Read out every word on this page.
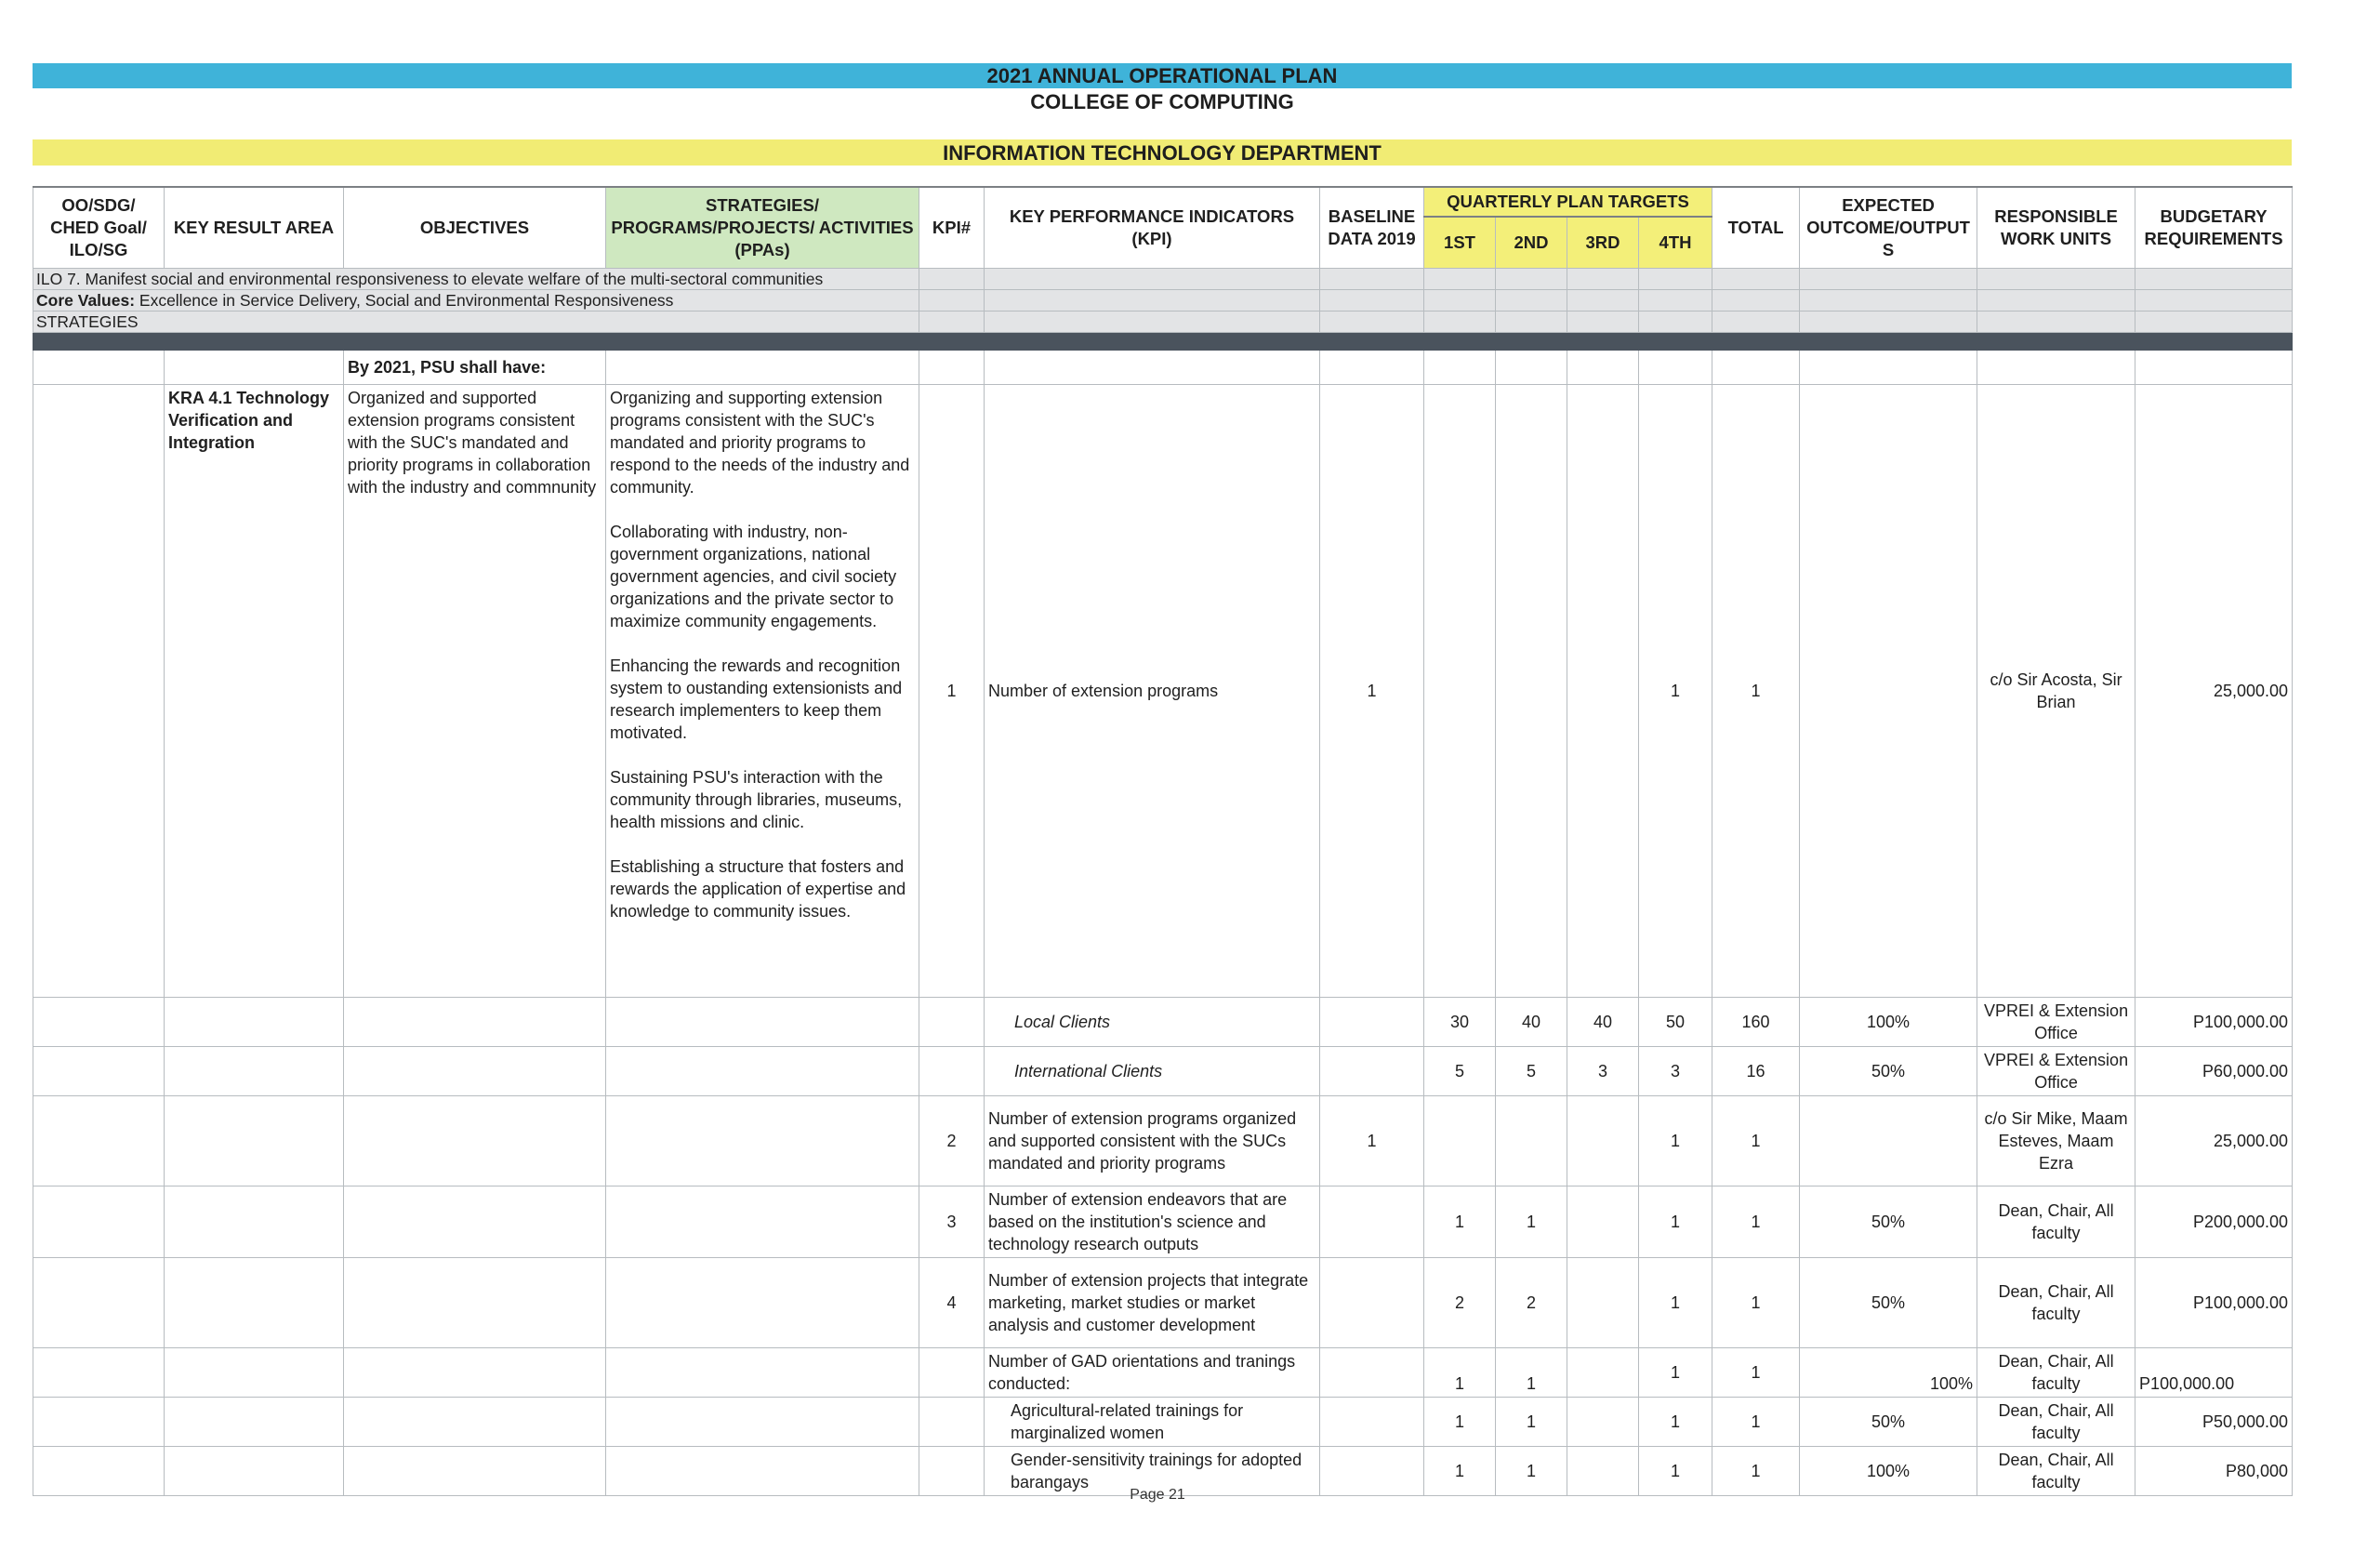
2021 ANNUAL OPERATIONAL PLAN
COLLEGE OF COMPUTING
INFORMATION TECHNOLOGY DEPARTMENT
OO/SDG/ CHED Goal/ ILO/SG	KEY RESULT AREA	OBJECTIVES	STRATEGIES/ PROGRAMS/PROJECTS/ ACTIVITIES (PPAs)	KPI#	KEY PERFORMANCE INDICATORS (KPI)	BASELINE DATA 2019	QUARTERLY PLAN TARGETS				TOTAL	EXPECTED OUTCOME/OUTPUT S	RESPONSIBLE WORK UNITS	BUDGETARY REQUIREMENTS
							1ST	2ND	3RD	4TH				
ILO 7. Manifest social and environmental responsiveness to elevate welfare of the multi-sectoral communities														
Core Values: Excellence in Service Delivery, Social and Environmental Responsiveness														
STRATEGIES														

		By 2021, PSU shall have:												
	KRA 4.1 Technology Verification and Integration	Organized and supported extension programs consistent with the SUC's mandated and priority programs in collaboration with the industry and commnunity	Organizing and supporting extension programs consistent with the SUC's mandated and priority programs to respond to the needs of the industry and community.

Collaborating with industry, non-government organizations, national government agencies, and civil society organizations and the private sector to maximize community engagements.

Enhancing the rewards and recognition system to oustanding extensionists and research implementers to keep them motivated.

Sustaining PSU's interaction with the community through libraries, museums, health missions and clinic.

Establishing a structure that fosters and rewards the application of expertise and knowledge to community issues.	1	Number of extension programs	1				1	1		c/o Sir Acosta, Sir Brian	25,000.00
					Local Clients		30	40	40	50	160	100%	VPREI & Extension Office	P100,000.00
					International Clients		5	5	3	3	16	50%	VPREI & Extension Office	P60,000.00
				2	Number of extension programs organized and supported consistent with the SUCs mandated and priority programs	1				1	1		c/o Sir Mike, Maam Esteves, Maam Ezra	25,000.00
				3	Number of extension endeavors that are based on the institution's science and technology research outputs		1	1		1	1	50%	Dean, Chair, All faculty	P200,000.00
				4	Number of extension projects that integrate marketing, market studies or market analysis and customer development		2	2		1	1	50%	Dean, Chair, All faculty	P100,000.00
					Number of GAD orientations and tranings conducted:		1	1		1	1	100%	Dean, Chair, All faculty	P100,000.00
					Agricultural-related trainings for marginalized women		1	1		1	1	50%	Dean, Chair, All faculty	P50,000.00
					Gender-sensitivity trainings for adopted barangays		1	1		1	1	100%	Dean, Chair, All faculty	P80,000
Page 21
